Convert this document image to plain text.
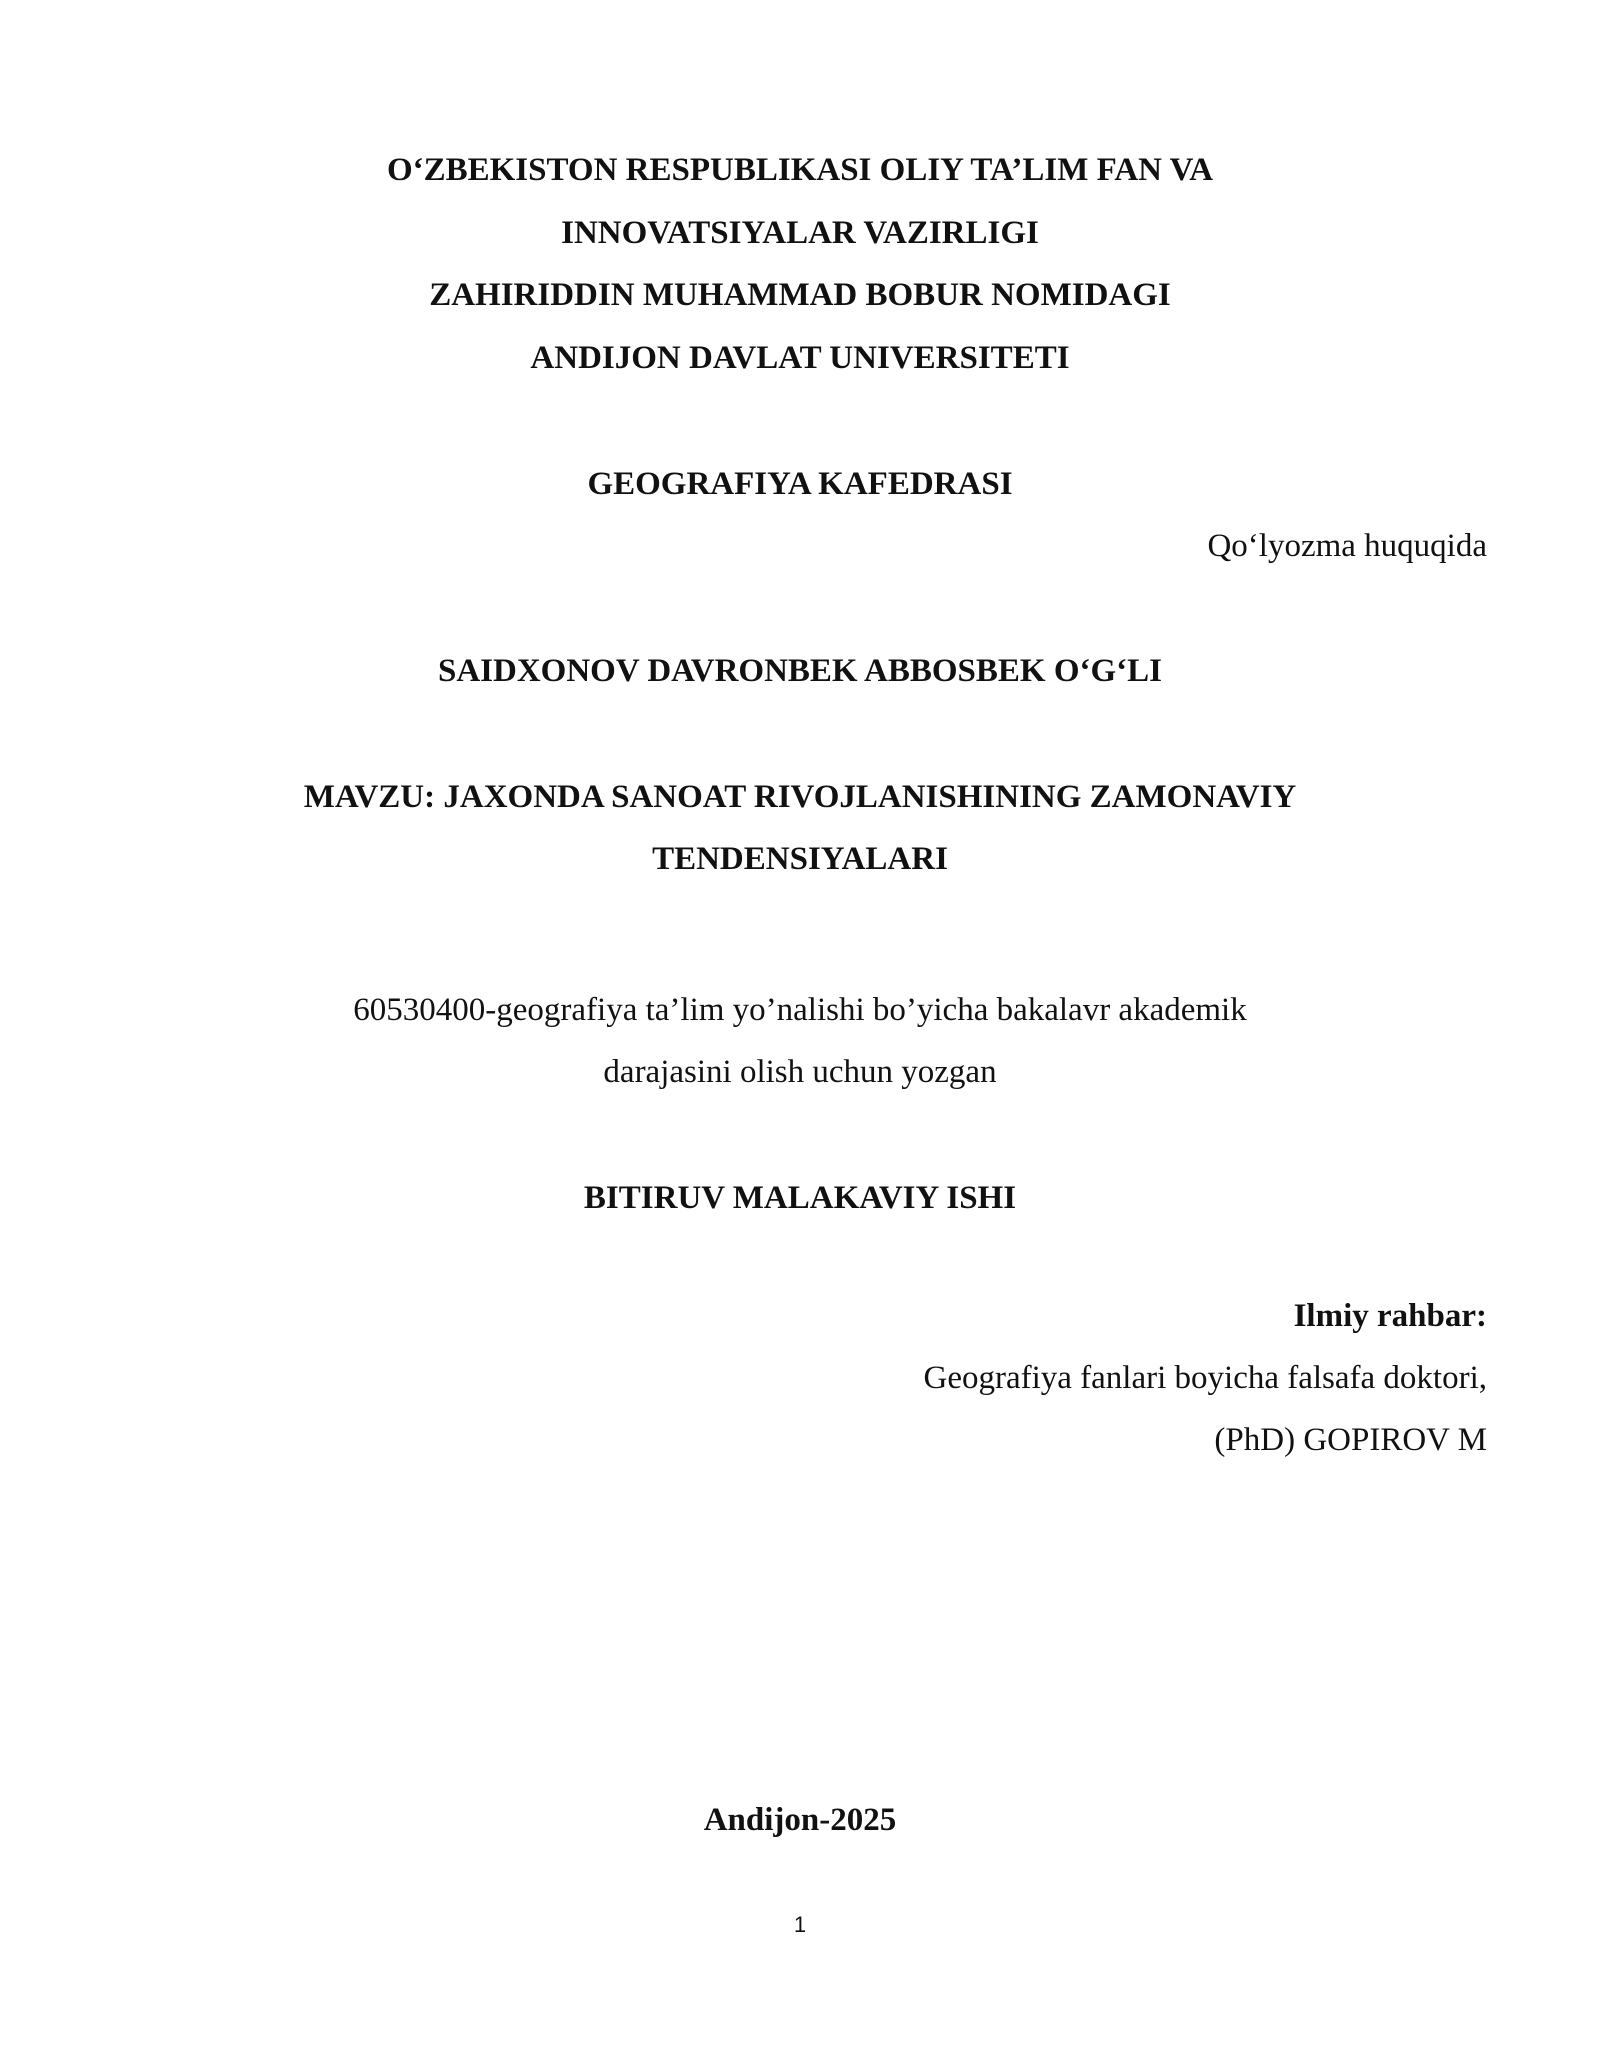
O‘ZBEKISTON RESPUBLIKASI OLIY TA’LIM FAN VA
INNOVATSIYALAR VAZIRLIGI
ZAHIRIDDIN MUHAMMAD BOBUR NOMIDAGI
ANDIJON DAVLAT UNIVERSITETI
GEOGRAFIYA KAFEDRASI
Qo‘lyozma huquqida
SAIDXONOV DAVRONBEK ABBOSBEK O‘G‘LI
MAVZU: JAXONDA SANOAT RIVOJLANISHINING ZAMONAVIY
TENDENSIYALARI
60530400-geografiya ta’lim yo’nalishi bo’yicha bakalavr akademik
darajasini olish uchun yozgan
BITIRUV MALAKAVIY ISHI
Ilmiy rahbar:
Geografiya fanlari boyicha falsafa doktori,
(PhD) GOPIROV M
Andijon-2025
1
